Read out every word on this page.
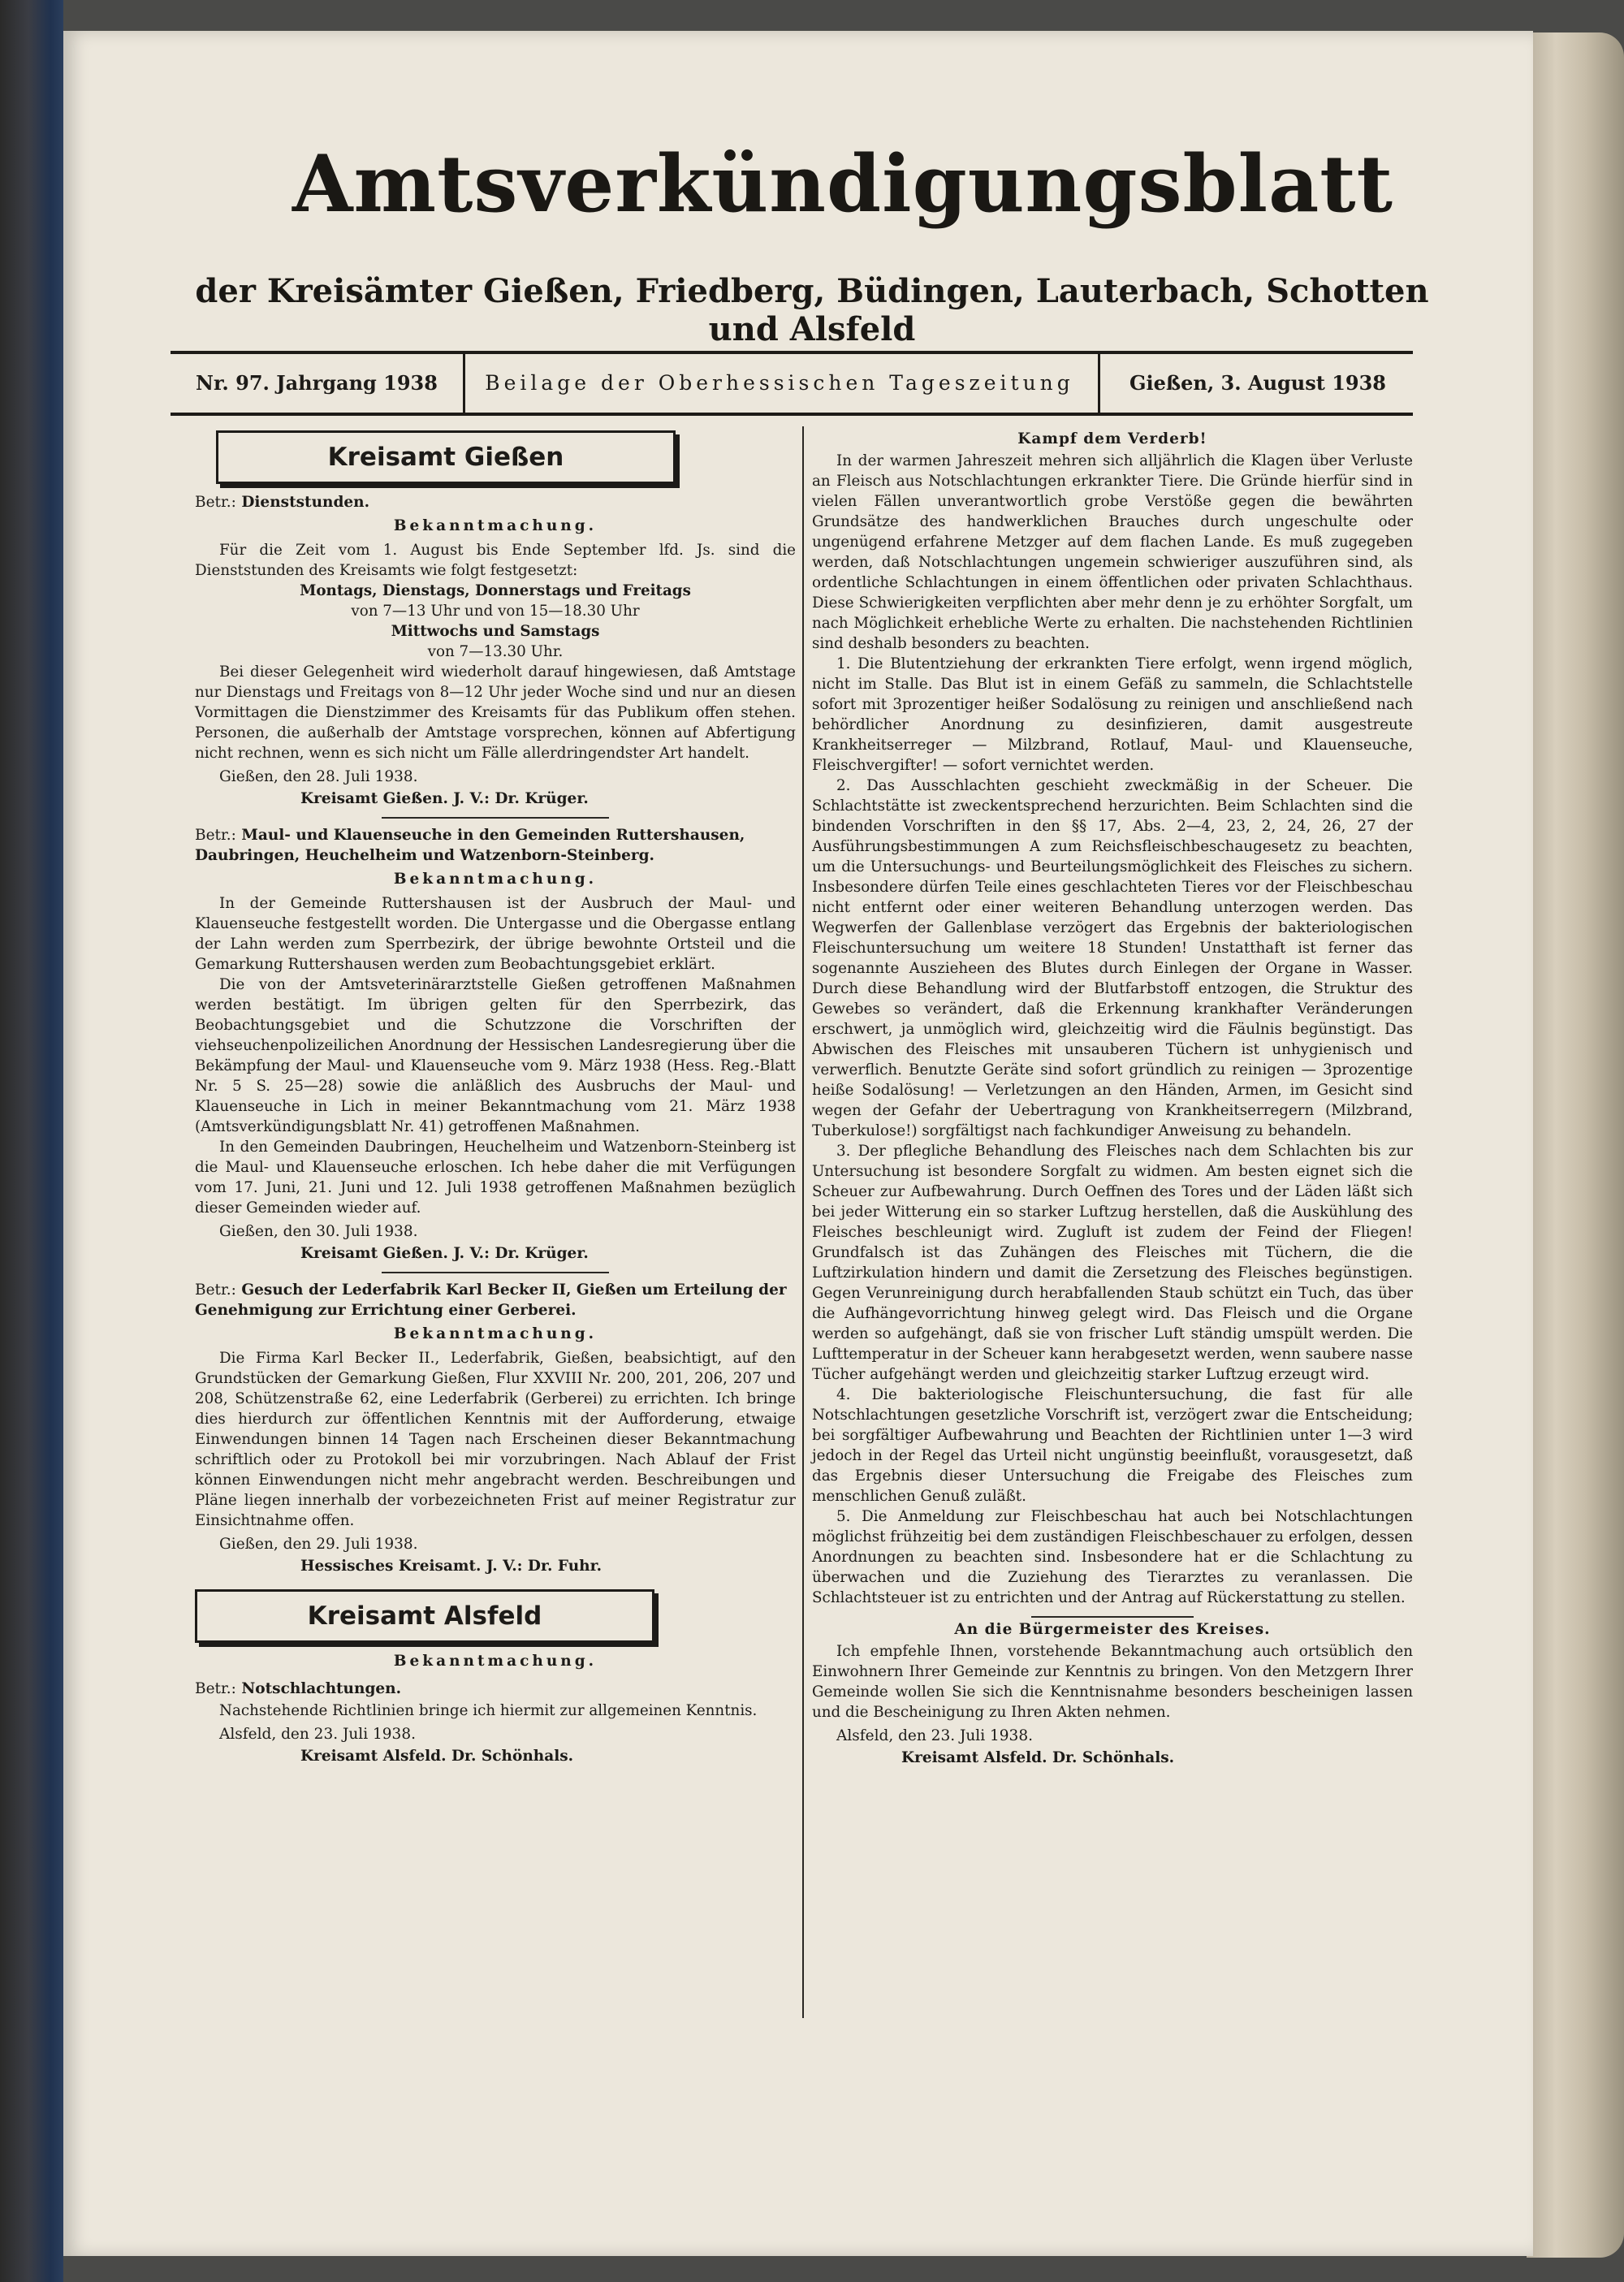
Amtsverkündigungsblatt
der Kreisämter Gießen, Friedberg, Büdingen, Lauterbach, Schotten und Alsfeld
Nr. 97. Jahrgang 1938	Beilage der Oberhessischen Tageszeitung	Gießen, 3. August 1938
Kreisamt Gießen

Betr.: Dienststunden.

Bekanntmachung.

Für die Zeit vom 1. August bis Ende September lfd. Js. sind die Dienststunden des Kreisamts wie folgt festgesetzt:

Montags, Dienstags, Donnerstags und Freitags

von 7—13 Uhr und von 15—18.30 Uhr

Mittwochs und Samstags

von 7—13.30 Uhr.

Bei dieser Gelegenheit wird wiederholt darauf hingewiesen, daß Amtstage nur Dienstags und Freitags von 8—12 Uhr jeder Woche sind und nur an diesen Vormittagen die Dienstzimmer des Kreisamts für das Publikum offen stehen. Personen, die außerhalb der Amtstage vorsprechen, können auf Abfertigung nicht rechnen, wenn es sich nicht um Fälle allerdringendster Art handelt.

Gießen, den 28. Juli 1938.

Kreisamt Gießen. J. V.: Dr. Krüger.

Betr.: Maul- und Klauenseuche in den Gemeinden Ruttershausen, Daubringen, Heuchelheim und Watzenborn-Steinberg.

Bekanntmachung.

In der Gemeinde Ruttershausen ist der Ausbruch der Maul- und Klauenseuche festgestellt worden. Die Untergasse und die Obergasse entlang der Lahn werden zum Sperrbezirk, der übrige bewohnte Ortsteil und die Gemarkung Ruttershausen werden zum Beobachtungsgebiet erklärt.

Die von der Amtsveterinärarztstelle Gießen getroffenen Maßnahmen werden bestätigt. Im übrigen gelten für den Sperrbezirk, das Beobachtungsgebiet und die Schutzzone die Vorschriften der viehseuchenpolizeilichen Anordnung der Hessischen Landesregierung über die Bekämpfung der Maul- und Klauenseuche vom 9. März 1938 (Hess. Reg.-Blatt Nr. 5 S. 25—28) sowie die anläßlich des Ausbruchs der Maul- und Klauenseuche in Lich in meiner Bekanntmachung vom 21. März 1938 (Amtsverkündigungsblatt Nr. 41) getroffenen Maßnahmen.

In den Gemeinden Daubringen, Heuchelheim und Watzenborn-Steinberg ist die Maul- und Klauenseuche erloschen. Ich hebe daher die mit Verfügungen vom 17. Juni, 21. Juni und 12. Juli 1938 getroffenen Maßnahmen bezüglich dieser Gemeinden wieder auf.

Gießen, den 30. Juli 1938.

Kreisamt Gießen. J. V.: Dr. Krüger.

Betr.: Gesuch der Lederfabrik Karl Becker II, Gießen um Erteilung der Genehmigung zur Errichtung einer Gerberei.

Bekanntmachung.

Die Firma Karl Becker II., Lederfabrik, Gießen, beabsichtigt, auf den Grundstücken der Gemarkung Gießen, Flur XXVIII Nr. 200, 201, 206, 207 und 208, Schützenstraße 62, eine Lederfabrik (Gerberei) zu errichten. Ich bringe dies hierdurch zur öffentlichen Kenntnis mit der Aufforderung, etwaige Einwendungen binnen 14 Tagen nach Erscheinen dieser Bekanntmachung schriftlich oder zu Protokoll bei mir vorzubringen. Nach Ablauf der Frist können Einwendungen nicht mehr angebracht werden. Beschreibungen und Pläne liegen innerhalb der vorbezeichneten Frist auf meiner Registratur zur Einsichtnahme offen.

Gießen, den 29. Juli 1938.

Hessisches Kreisamt. J. V.: Dr. Fuhr.

Kreisamt Alsfeld
Bekanntmachung.

Betr.: Notschlachtungen.

Nachstehende Richtlinien bringe ich hiermit zur allgemeinen Kenntnis.

Alsfeld, den 23. Juli 1938.

Kreisamt Alsfeld. Dr. Schönhals.

Kampf dem Verderb!

In der warmen Jahreszeit mehren sich alljährlich die Klagen über Verluste an Fleisch aus Notschlachtungen erkrankter Tiere. Die Gründe hierfür sind in vielen Fällen unverantwortlich grobe Verstöße gegen die bewährten Grundsätze des handwerklichen Brauches durch ungeschulte oder ungenügend erfahrene Metzger auf dem flachen Lande. Es muß zugegeben werden, daß Notschlachtungen ungemein schwieriger auszuführen sind, als ordentliche Schlachtungen in einem öffentlichen oder privaten Schlachthaus. Diese Schwierigkeiten verpflichten aber mehr denn je zu erhöhter Sorgfalt, um nach Möglichkeit erhebliche Werte zu erhalten. Die nachstehenden Richtlinien sind deshalb besonders zu beachten.

1. Die Blutentziehung der erkrankten Tiere erfolgt, wenn irgend möglich, nicht im Stalle. Das Blut ist in einem Gefäß zu sammeln, die Schlachtstelle sofort mit 3prozentiger heißer Sodalösung zu reinigen und anschließend nach behördlicher Anordnung zu desinfizieren, damit ausgestreute Krankheitserreger — Milzbrand, Rotlauf, Maul- und Klauenseuche, Fleischvergifter! — sofort vernichtet werden.

2. Das Ausschlachten geschieht zweckmäßig in der Scheuer. Die Schlachtstätte ist zweckentsprechend herzurichten. Beim Schlachten sind die bindenden Vorschriften in den §§ 17, Abs. 2—4, 23, 2, 24, 26, 27 der Ausführungsbestimmungen A zum Reichsfleischbeschaugesetz zu beachten, um die Untersuchungs- und Beurteilungsmöglichkeit des Fleisches zu sichern. Insbesondere dürfen Teile eines geschlachteten Tieres vor der Fleischbeschau nicht entfernt oder einer weiteren Behandlung unterzogen werden. Das Wegwerfen der Gallenblase verzögert das Ergebnis der bakteriologischen Fleischuntersuchung um weitere 18 Stunden! Unstatthaft ist ferner das sogenannte Auszieheen des Blutes durch Einlegen der Organe in Wasser. Durch diese Behandlung wird der Blutfarbstoff entzogen, die Struktur des Gewebes so verändert, daß die Erkennung krankhafter Veränderungen erschwert, ja unmöglich wird, gleichzeitig wird die Fäulnis begünstigt. Das Abwischen des Fleisches mit unsauberen Tüchern ist unhygienisch und verwerflich. Benutzte Geräte sind sofort gründlich zu reinigen — 3prozentige heiße Sodalösung! — Verletzungen an den Händen, Armen, im Gesicht sind wegen der Gefahr der Uebertragung von Krankheitserregern (Milzbrand, Tuberkulose!) sorgfältigst nach fachkundiger Anweisung zu behandeln.

3. Der pflegliche Behandlung des Fleisches nach dem Schlachten bis zur Untersuchung ist besondere Sorgfalt zu widmen. Am besten eignet sich die Scheuer zur Aufbewahrung. Durch Oeffnen des Tores und der Läden läßt sich bei jeder Witterung ein so starker Luftzug herstellen, daß die Auskühlung des Fleisches beschleunigt wird. Zugluft ist zudem der Feind der Fliegen! Grundfalsch ist das Zuhängen des Fleisches mit Tüchern, die die Luftzirkulation hindern und damit die Zersetzung des Fleisches begünstigen. Gegen Verunreinigung durch herabfallenden Staub schützt ein Tuch, das über die Aufhängevorrichtung hinweg gelegt wird. Das Fleisch und die Organe werden so aufgehängt, daß sie von frischer Luft ständig umspült werden. Die Lufttemperatur in der Scheuer kann herabgesetzt werden, wenn saubere nasse Tücher aufgehängt werden und gleichzeitig starker Luftzug erzeugt wird.

4. Die bakteriologische Fleischuntersuchung, die fast für alle Notschlachtungen gesetzliche Vorschrift ist, verzögert zwar die Entscheidung; bei sorgfältiger Aufbewahrung und Beachten der Richtlinien unter 1—3 wird jedoch in der Regel das Urteil nicht ungünstig beeinflußt, vorausgesetzt, daß das Ergebnis dieser Untersuchung die Freigabe des Fleisches zum menschlichen Genuß zuläßt.

5. Die Anmeldung zur Fleischbeschau hat auch bei Notschlachtungen möglichst frühzeitig bei dem zuständigen Fleischbeschauer zu erfolgen, dessen Anordnungen zu beachten sind. Insbesondere hat er die Schlachtung zu überwachen und die Zuziehung des Tierarztes zu veranlassen. Die Schlachtsteuer ist zu entrichten und der Antrag auf Rückerstattung zu stellen.

An die Bürgermeister des Kreises.

Ich empfehle Ihnen, vorstehende Bekanntmachung auch ortsüblich den Einwohnern Ihrer Gemeinde zur Kenntnis zu bringen. Von den Metzgern Ihrer Gemeinde wollen Sie sich die Kenntnisnahme besonders bescheinigen lassen und die Bescheinigung zu Ihren Akten nehmen.

Alsfeld, den 23. Juli 1938.

Kreisamt Alsfeld. Dr. Schönhals.
